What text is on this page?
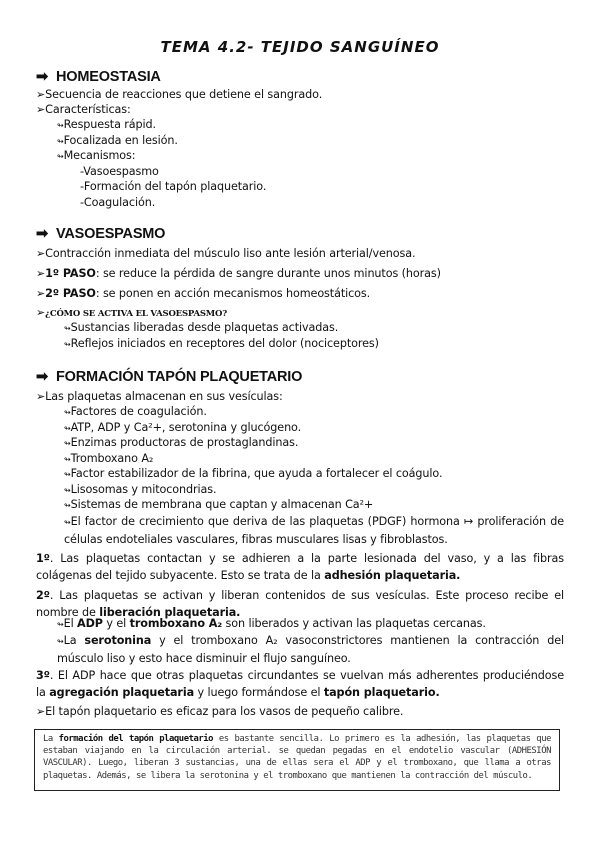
TEMA 4.2- TEJIDO SANGUÍNEO
➡ HOMEOSTASIA
➢Secuencia de reacciones que detiene el sangrado.
➢Características:
↬Respuesta rápid.
↬Focalizada en lesión.
↬Mecanismos:
-Vasoespasmo
-Formación del tapón plaquetario.
-Coagulación.
➡ VASOESPASMO
➢Contracción inmediata del músculo liso ante lesión arterial/venosa.
➢1º PASO: se reduce la pérdida de sangre durante unos minutos (horas)
➢2º PASO: se ponen en acción mecanismos homeostáticos.
➢¿CÓMO SE ACTIVA EL VASOESPASMO?
↬Sustancias liberadas desde plaquetas activadas.
↬Reflejos iniciados en receptores del dolor (nociceptores)
➡ FORMACIÓN TAPÓN PLAQUETARIO
➢Las plaquetas almacenan en sus vesículas:
↬Factores de coagulación.
↬ATP, ADP y Ca²+, serotonina y glucógeno.
↬Enzimas productoras de prostaglandinas.
↬Tromboxano A₂
↬Factor estabilizador de la fibrina, que ayuda a fortalecer el coágulo.
↬Lisosomas y mitocondrias.
↬Sistemas de membrana que captan y almacenan Ca²+
↬El factor de crecimiento que deriva de las plaquetas (PDGF) hormona ↦ proliferación de células endoteliales vasculares, fibras musculares lisas y fibroblastos.
1º. Las plaquetas contactan y se adhieren a la parte lesionada del vaso, y a las fibras colágenas del tejido subyacente. Esto se trata de la adhesión plaquetaria.
2º. Las plaquetas se activan y liberan contenidos de sus vesículas. Este proceso recibe el nombre de liberación plaquetaria.
↬El ADP y el tromboxano A₂ son liberados y activan las plaquetas cercanas.
↬La serotonina y el tromboxano A₂ vasoconstrictores mantienen la contracción del músculo liso y esto hace disminuir el flujo sanguíneo.
3º. El ADP hace que otras plaquetas circundantes se vuelvan más adherentes produciéndose la agregación plaquetaria y luego formándose el tapón plaquetario.
➢El tapón plaquetario es eficaz para los vasos de pequeño calibre.

La formación del tapón plaquetario es bastante sencilla. Lo primero es la adhesión, las plaquetas que estaban viajando en la circulación arterial. se quedan pegadas en el endotelio vascular (ADHESIÓN VASCULAR). Luego, liberan 3 sustancias, una de ellas sera el ADP y el tromboxano, que llama a otras plaquetas. Además, se libera la serotonina y el tromboxano que mantienen la contracción del músculo.
